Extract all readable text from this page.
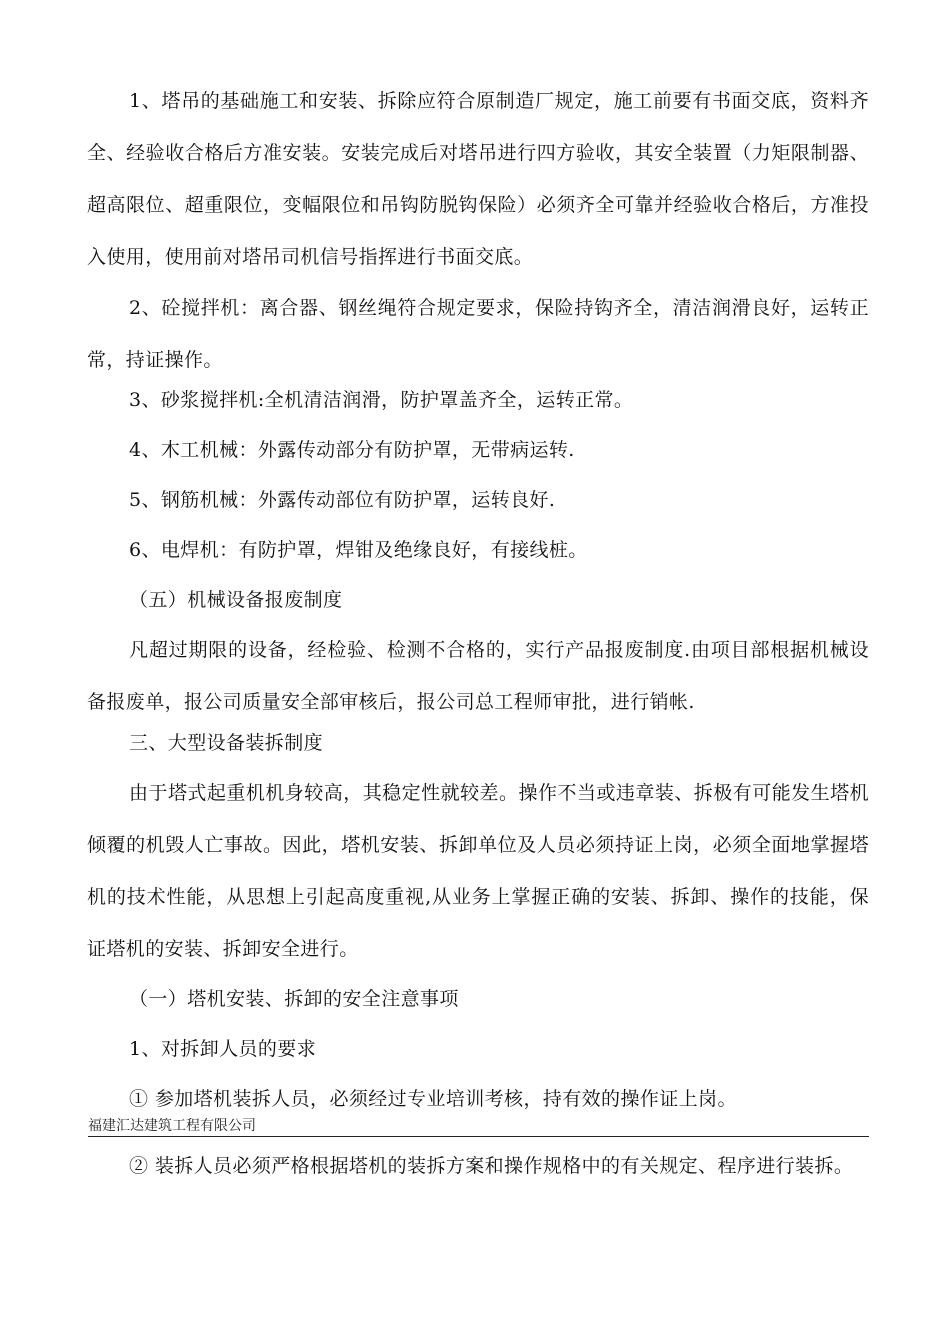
1、塔吊的基础施工和安装、拆除应符合原制造厂规定，施工前要有书面交底，资料齐全、经验收合格后方准安装。安装完成后对塔吊进行四方验收，其安全装置（力矩限制器、超高限位、超重限位，变幅限位和吊钩防脱钩保险）必须齐全可靠并经验收合格后，方准投入使用，使用前对塔吊司机信号指挥进行书面交底。

2、砼搅拌机：离合器、钢丝绳符合规定要求，保险持钩齐全，清洁润滑良好，运转正常，持证操作。

3、砂浆搅拌机:全机清洁润滑，防护罩盖齐全，运转正常。

4、木工机械：外露传动部分有防护罩，无带病运转.

5、钢筋机械：外露传动部位有防护罩，运转良好.

6、电焊机：有防护罩，焊钳及绝缘良好，有接线桩。

（五）机械设备报废制度

凡超过期限的设备，经检验、检测不合格的，实行产品报废制度.由项目部根据机械设备报废单，报公司质量安全部审核后，报公司总工程师审批，进行销帐.

三、大型设备装拆制度

由于塔式起重机机身较高，其稳定性就较差。操作不当或违章装、拆极有可能发生塔机倾覆的机毁人亡事故。因此，塔机安装、拆卸单位及人员必须持证上岗，必须全面地掌握塔机的技术性能，从思想上引起高度重视,从业务上掌握正确的安装、拆卸、操作的技能，保证塔机的安装、拆卸安全进行。

（一）塔机安装、拆卸的安全注意事项

1、对拆卸人员的要求

① 参加塔机装拆人员，必须经过专业培训考核，持有效的操作证上岗。

福建汇达建筑工程有限公司

② 装拆人员必须严格根据塔机的装拆方案和操作规格中的有关规定、程序进行装拆。
